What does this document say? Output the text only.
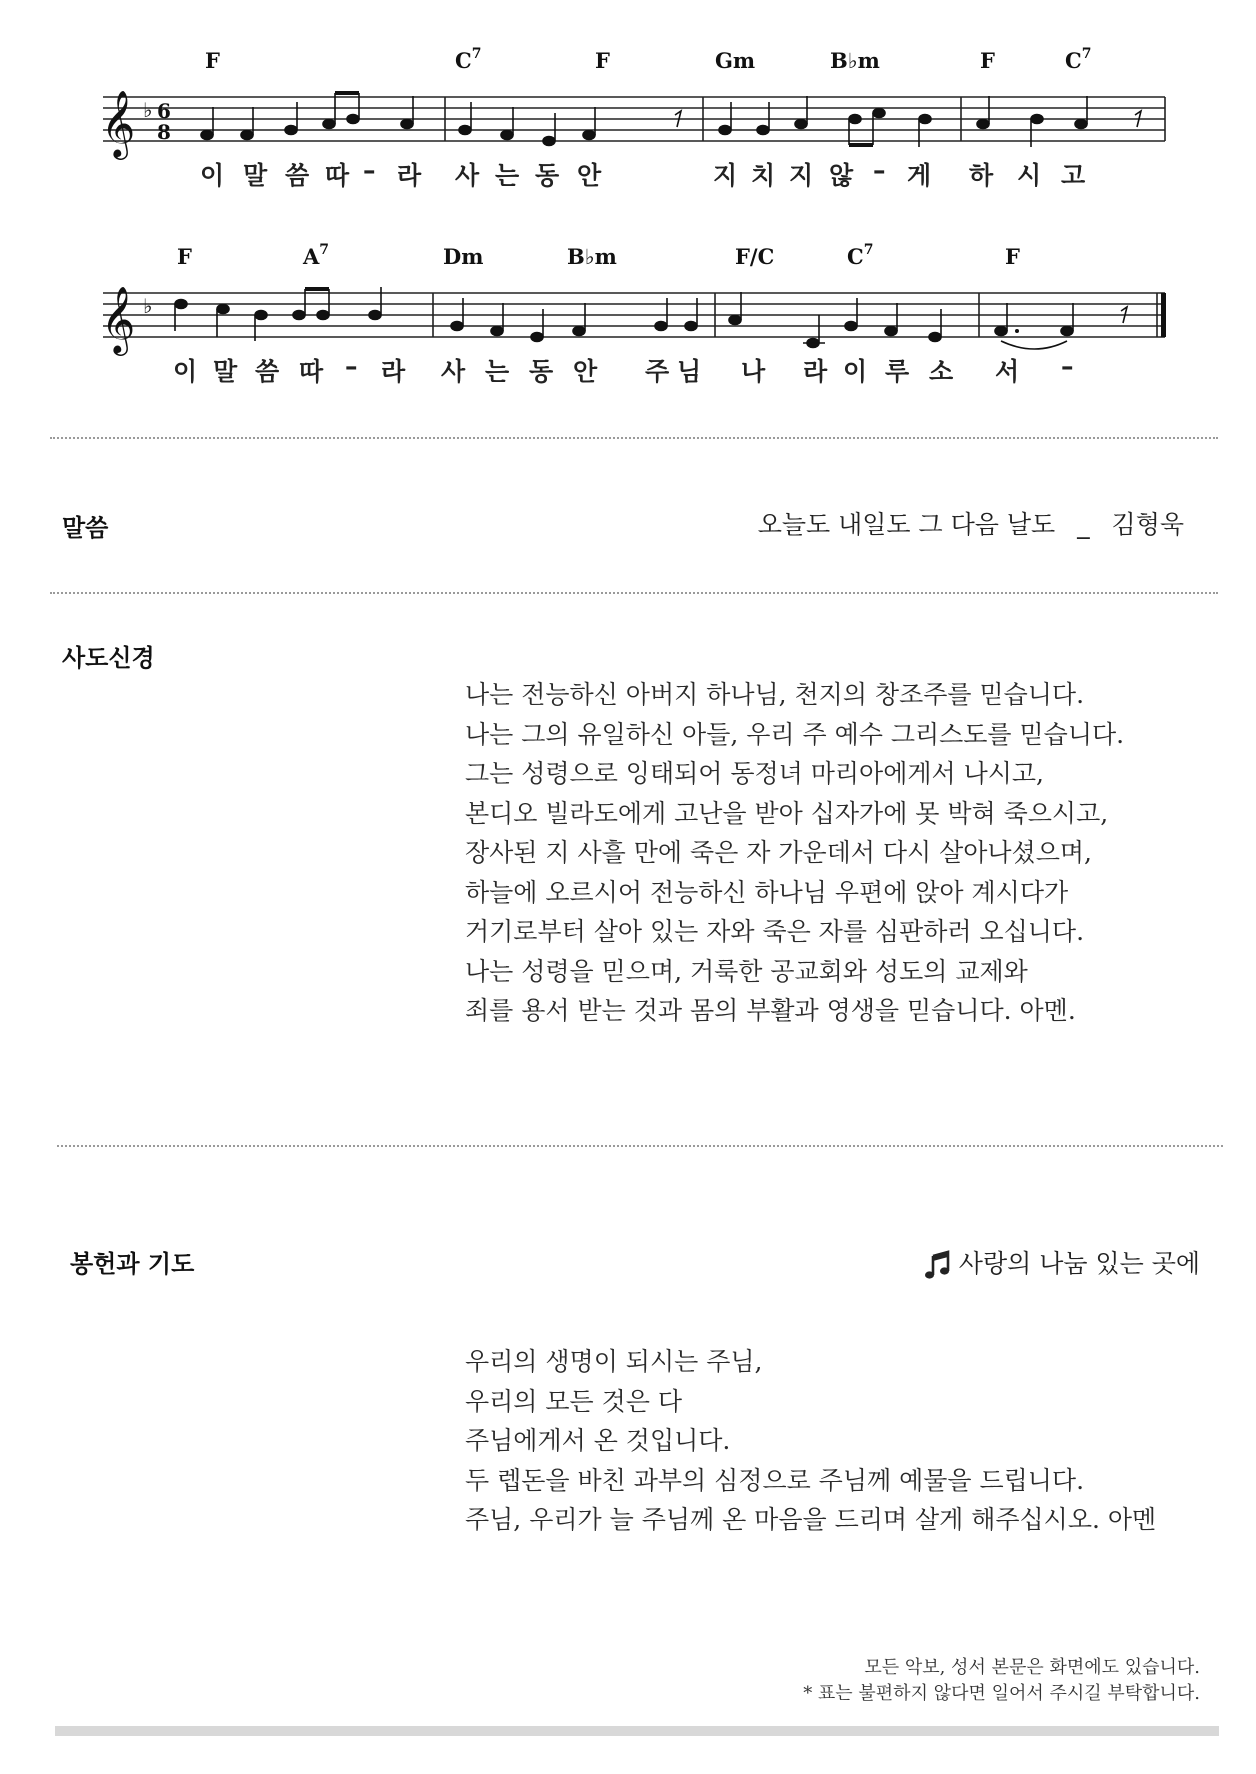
F	$C^7$	F	Gm	B♭m	F	$C^7$
𝄞 ♭ 6
8
이 말 씀 따 – 라 사 는 동 안	지 치 지 않 – 게 하 시 고
F	$A^7$	Dm	B♭m	F/C	$C^7$	F
𝄞 ♭
이 말 씀 따 – 라 사 는 동 안 주 님 나 라 이 루 소 서 –
말씀	오늘도 내일도 그 다음 날도 _ 김형욱
사도신경
나는 전능하신 아버지 하나님, 천지의 창조주를 믿습니다.
나는 그의 유일하신 아들, 우리 주 예수 그리스도를 믿습니다.
그는 성령으로 잉태되어 동정녀 마리아에게서 나시고,
본디오 빌라도에게 고난을 받아 십자가에 못 박혀 죽으시고,
장사된 지 사흘 만에 죽은 자 가운데서 다시 살아나셨으며,
하늘에 오르시어 전능하신 하나님 우편에 앉아 계시다가
거기로부터 살아 있는 자와 죽은 자를 심판하러 오십니다.
나는 성령을 믿으며, 거룩한 공교회와 성도의 교제와
죄를 용서 받는 것과 몸의 부활과 영생을 믿습니다. 아멘.
봉헌과 기도	사랑의 나눔 있는 곳에
우리의 생명이 되시는 주님,
우리의 모든 것은 다
주님에게서 온 것입니다.
두 렙돈을 바친 과부의 심정으로 주님께 예물을 드립니다.
주님, 우리가 늘 주님께 온 마음을 드리며 살게 해주십시오. 아멘
모든 악보, 성서 본문은 화면에도 있습니다.
* 표는 불편하지 않다면 일어서 주시길 부탁합니다.
